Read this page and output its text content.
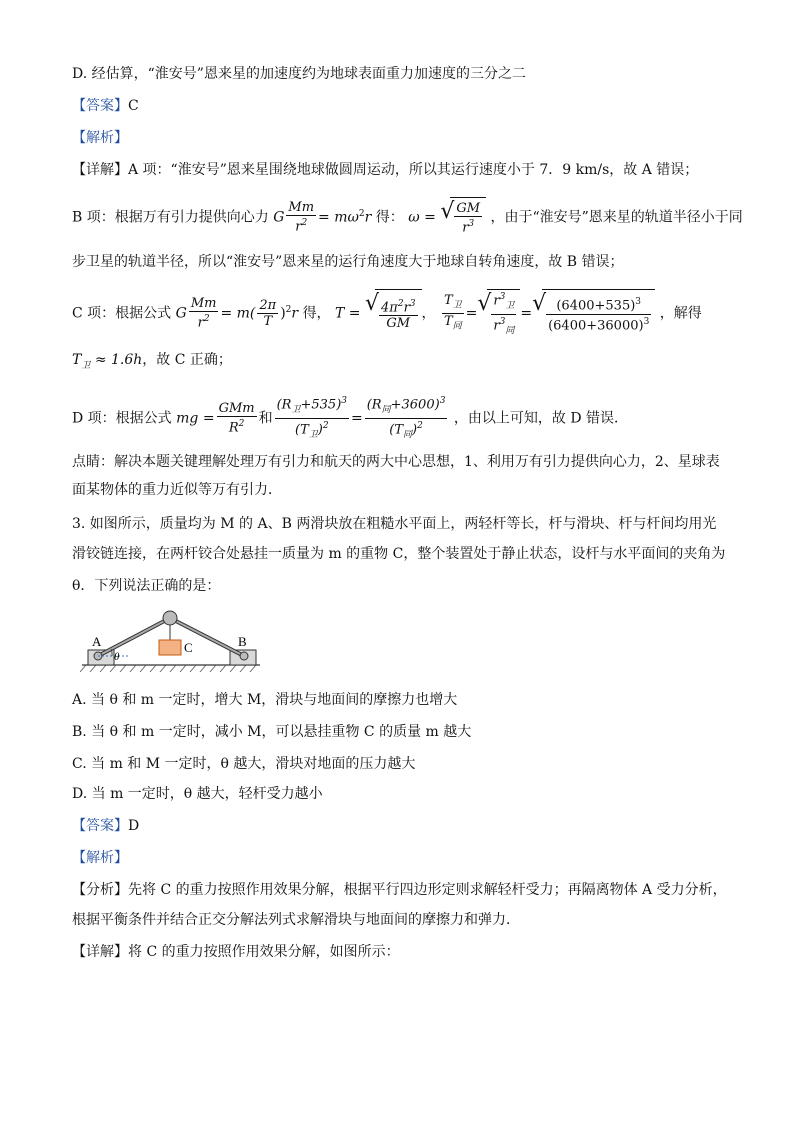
D. 经估算，“淮安号”恩来星的加速度约为地球表面重力加速度的三分之二
【答案】C
【解析】
【详解】A 项：“淮安号”恩来星围绕地球做圆周运动，所以其运行速度小于 7．9 km/s，故 A 错误；
B 项：根据万有引力提供向心力 G $\frac{Mm}{r^2} = m\omega^2r$ 得： ω = √ $\frac{GM}{r^3}$ ，由于“淮安号”恩来星的轨道半径小于同
步卫星的轨道半径，所以“淮安号”恩来星的运行角速度大于地球自转角速度，故 B 错误；
C 项：根据公式 G $\frac{Mm}{r^2} = m( \frac{2\pi}{T} )^2r$ 得， T = √ $\frac{4\pi^2r^3}{GM}$ ， $\frac{T_卫}{T_同}$ = √ $\frac{r^3_卫}{r^3_同}$ = √ $\frac{(6400+535)^3}{(6400+36000)^3}$ ，解得
$T_卫 \approx 1.6h$，故 C 正确；
D 项：根据公式 mg = $\frac{\text{GMm}}{R^2}$ 和 $\frac{(R_卫+535)^3}{(T_卫)^2} = \frac{(R_同+3600)^3}{(T_同)^2}$ ，由以上可知，故 D 错误．
点睛：解决本题关键理解处理万有引力和航天的两大中心思想，1、利用万有引力提供向心力，2、星球表
面某物体的重力近似等万有引力．
3. 如图所示，质量均为 M 的 A、B 两滑块放在粗糙水平面上，两轻杆等长，杆与滑块、杆与杆间均用光
滑铰链连接，在两杆铰合处悬挂一质量为 m 的重物 C，整个装置处于静止状态，设杆与水平面间的夹角为
θ．下列说法正确的是：
A	B
C
θ
A. 当 θ 和 m 一定时，增大 M，滑块与地面间的摩擦力也增大
B. 当 θ 和 m 一定时，减小 M，可以悬挂重物 C 的质量 m 越大
C. 当 m 和 M 一定时，θ 越大，滑块对地面的压力越大
D. 当 m 一定时，θ 越大，轻杆受力越小
【答案】D
【解析】
【分析】先将 C 的重力按照作用效果分解，根据平行四边形定则求解轻杆受力；再隔离物体 A 受力分析，
根据平衡条件并结合正交分解法列式求解滑块与地面间的摩擦力和弹力．
【详解】将 C 的重力按照作用效果分解，如图所示：
